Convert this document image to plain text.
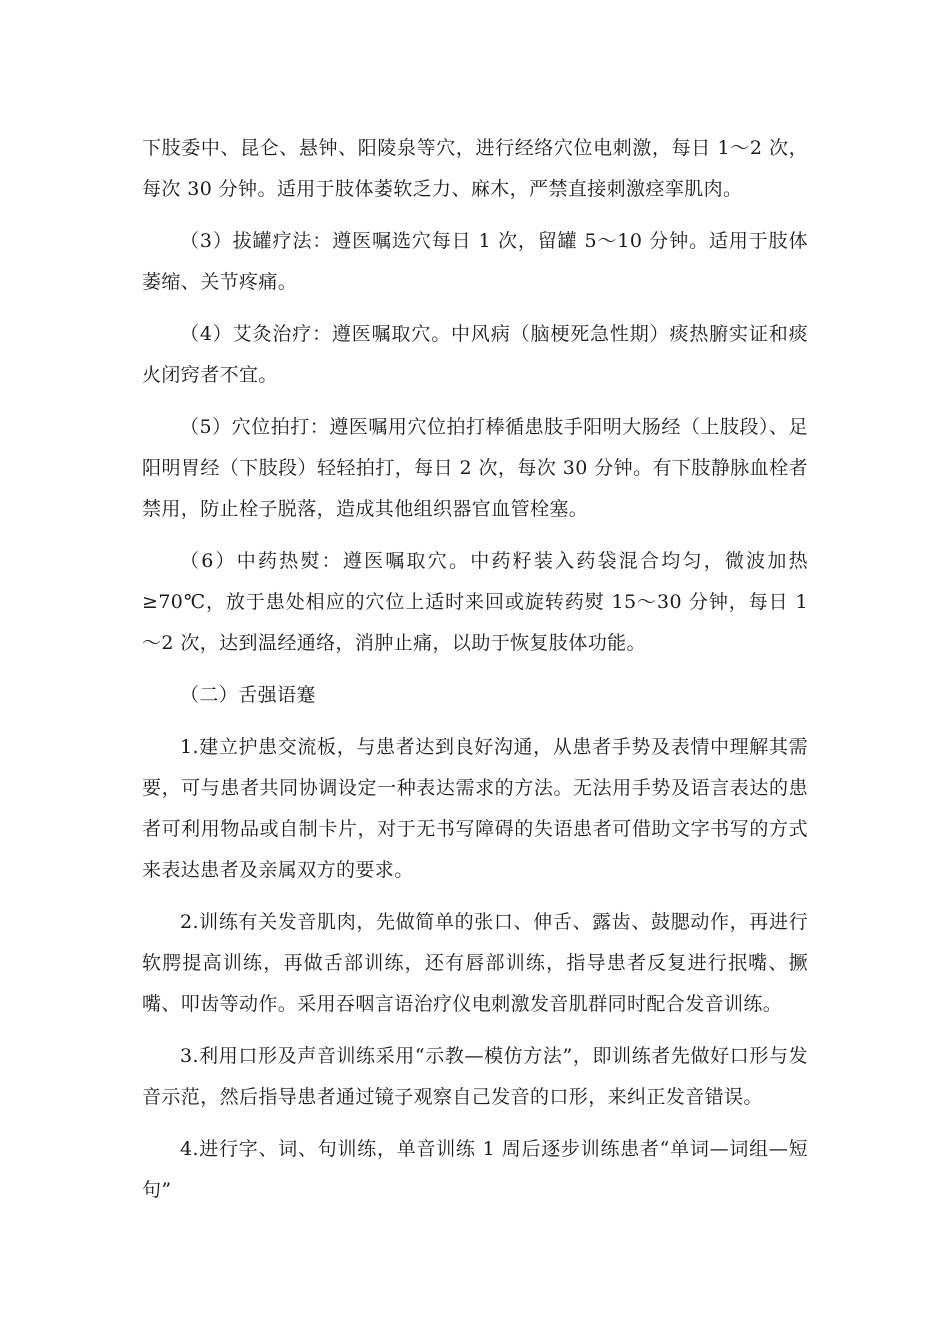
下肢委中、昆仑、悬钟、阳陵泉等穴，进行经络穴位电刺激，每日 1～2 次，每次 30 分钟。适用于肢体萎软乏力、麻木，严禁直接刺激痉挛肌肉。

（3）拔罐疗法：遵医嘱选穴每日 1 次，留罐 5～10 分钟。适用于肢体萎缩、关节疼痛。

（4）艾灸治疗：遵医嘱取穴。中风病（脑梗死急性期）痰热腑实证和痰火闭窍者不宜。

（5）穴位拍打：遵医嘱用穴位拍打棒循患肢手阳明大肠经（上肢段）、足阳明胃经（下肢段）轻轻拍打，每日 2 次，每次 30 分钟。有下肢静脉血栓者禁用，防止栓子脱落，造成其他组织器官血管栓塞。

（6）中药热熨：遵医嘱取穴。中药籽装入药袋混合均匀，微波加热≥70℃，放于患处相应的穴位上适时来回或旋转药熨 15～30 分钟，每日 1～2 次，达到温经通络，消肿止痛，以助于恢复肢体功能。

（二）舌强语蹇

1.建立护患交流板，与患者达到良好沟通，从患者手势及表情中理解其需要，可与患者共同协调设定一种表达需求的方法。无法用手势及语言表达的患者可利用物品或自制卡片，对于无书写障碍的失语患者可借助文字书写的方式来表达患者及亲属双方的要求。

2.训练有关发音肌肉，先做简单的张口、伸舌、露齿、鼓腮动作，再进行软腭提高训练，再做舌部训练，还有唇部训练，指导患者反复进行抿嘴、撅嘴、叩齿等动作。采用吞咽言语治疗仪电刺激发音肌群同时配合发音训练。

3.利用口形及声音训练采用“示教—模仿方法”，即训练者先做好口形与发音示范，然后指导患者通过镜子观察自己发音的口形，来纠正发音错误。

4.进行字、词、句训练，单音训练 1 周后逐步训练患者“单词—词组—短句”
